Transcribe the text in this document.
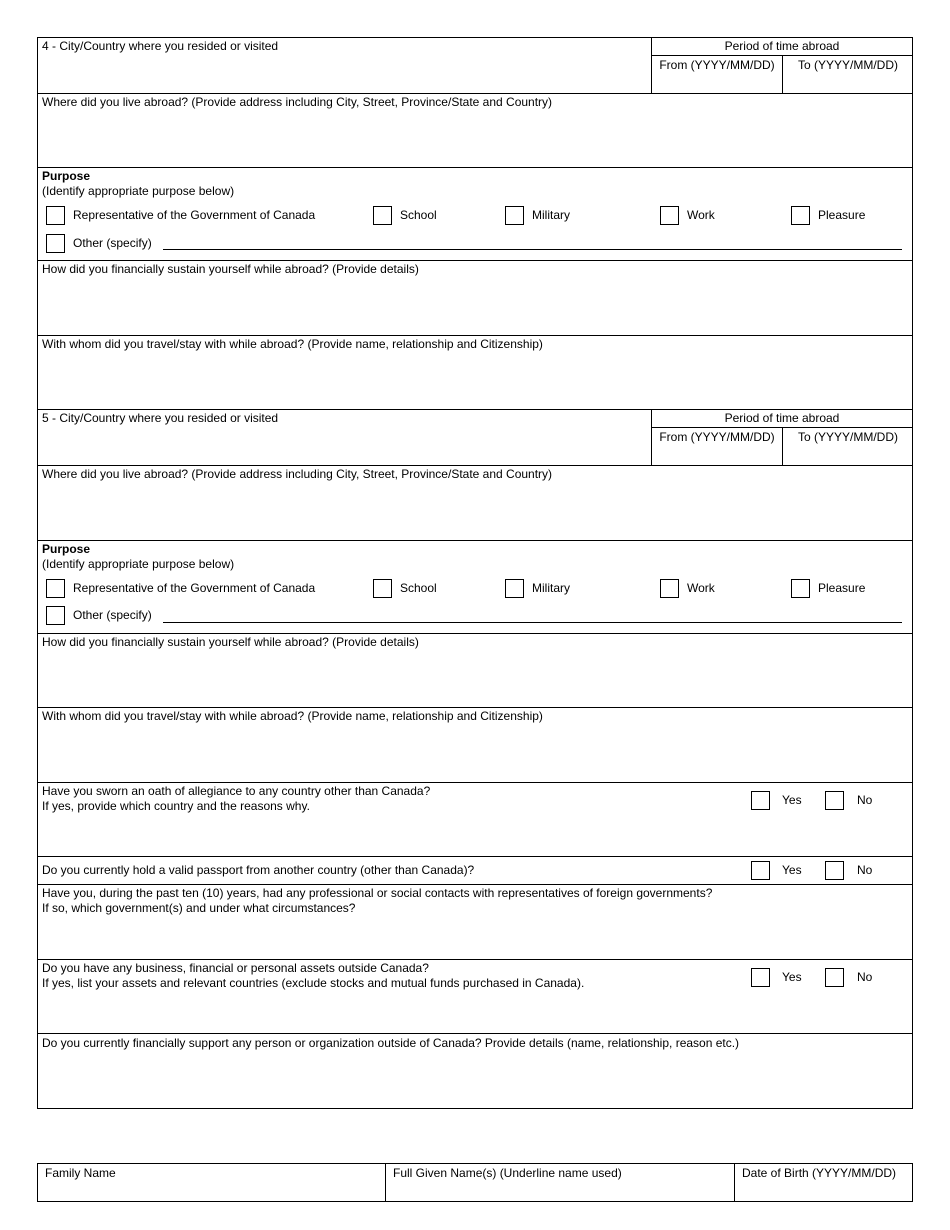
4 - City/Country where you resided or visited	Period of time abroad
From (YYYY/MM/DD)	To (YYYY/MM/DD)
Where did you live abroad? (Provide address including City, Street, Province/State and Country)
Purpose
(Identify appropriate purpose below)
Representative of the Government of Canada	School	Military	Work	Pleasure
Other (specify)
How did you financially sustain yourself while abroad? (Provide details)
With whom did you travel/stay with while abroad? (Provide name, relationship and Citizenship)
5 - City/Country where you resided or visited	Period of time abroad
From (YYYY/MM/DD)	To (YYYY/MM/DD)
Where did you live abroad? (Provide address including City, Street, Province/State and Country)
Purpose
(Identify appropriate purpose below)
Representative of the Government of Canada	School	Military	Work	Pleasure
Other (specify)
How did you financially sustain yourself while abroad? (Provide details)
With whom did you travel/stay with while abroad? (Provide name, relationship and Citizenship)
Have you sworn an oath of allegiance to any country other than Canada?
If yes, provide which country and the reasons why.	Yes	No
Do you currently hold a valid passport from another country (other than Canada)?	Yes	No
Have you, during the past ten (10) years, had any professional or social contacts with representatives of foreign governments?
If so, which government(s) and under what circumstances?
Do you have any business, financial or personal assets outside Canada?
If yes, list your assets and relevant countries (exclude stocks and mutual funds purchased in Canada).	Yes	No
Do you currently financially support any person or organization outside of Canada? Provide details (name, relationship, reason etc.)
Family Name	Full Given Name(s) (Underline name used)	Date of Birth (YYYY/MM/DD)
